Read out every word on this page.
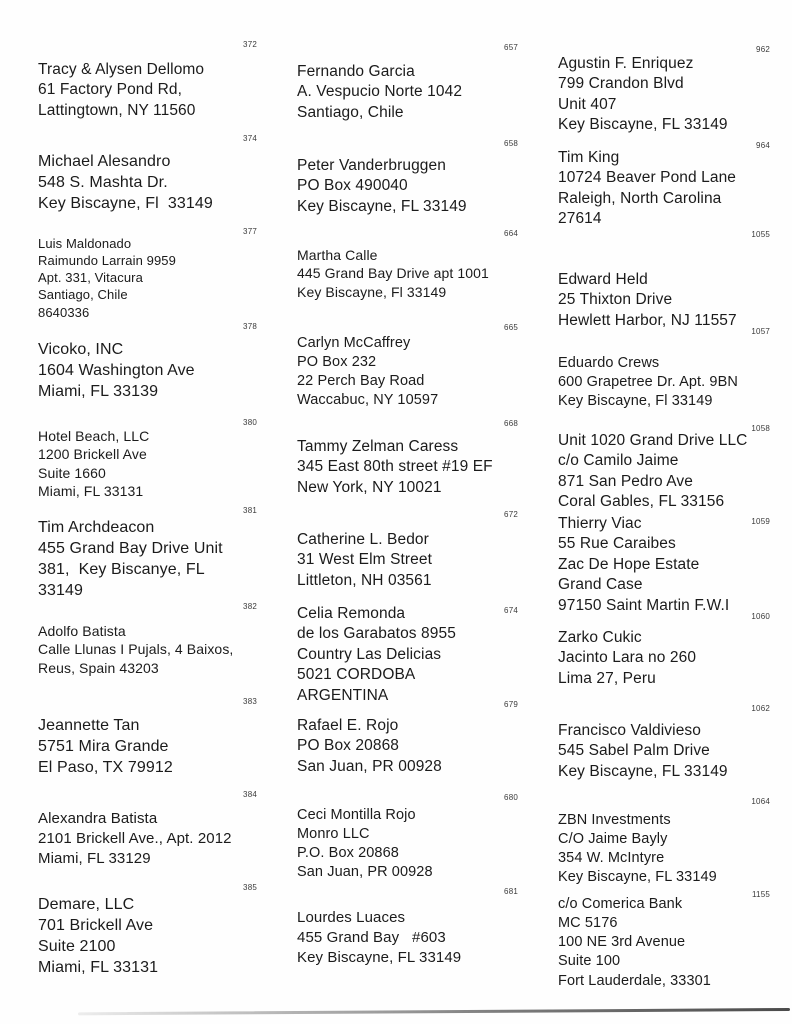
372
Tracy & Alysen Dellomo
61 Factory Pond Rd,
Lattingtown, NY 11560
374
Michael Alesandro
548 S. Mashta Dr.
Key Biscayne, Fl  33149
377
Luis Maldonado
Raimundo Larrain 9959
Apt. 331, Vitacura
Santiago, Chile
8640336
378
Vicoko, INC
1604 Washington Ave
Miami, FL 33139
380
Hotel Beach, LLC
1200 Brickell Ave
Suite 1660
Miami, FL 33131
381
Tim Archdeacon
455 Grand Bay Drive Unit
381,  Key Biscanye, FL
33149
382
Adolfo Batista
Calle Llunas I Pujals, 4 Baixos,
Reus, Spain 43203
383
Jeannette Tan
5751 Mira Grande
El Paso, TX 79912
384
Alexandra Batista
2101 Brickell Ave., Apt. 2012
Miami, FL 33129
385
Demare, LLC
701 Brickell Ave
Suite 2100
Miami, FL 33131
657
Fernando Garcia
A. Vespucio Norte 1042
Santiago, Chile
658
Peter Vanderbruggen
PO Box 490040
Key Biscayne, FL 33149
664
Martha Calle
445 Grand Bay Drive apt 1001
Key Biscayne, Fl 33149
665
Carlyn McCaffrey
PO Box 232
22 Perch Bay Road
Waccabuc, NY 10597
668
Tammy Zelman Caress
345 East 80th street #19 EF
New York, NY 10021
672
Catherine L. Bedor
31 West Elm Street
Littleton, NH 03561
674
Celia Remonda
de los Garabatos 8955
Country Las Delicias
5021 CORDOBA
ARGENTINA
679
Rafael E. Rojo
PO Box 20868
San Juan, PR 00928
680
Ceci Montilla Rojo
Monro LLC
P.O. Box 20868
San Juan, PR 00928
681
Lourdes Luaces
455 Grand Bay   #603
Key Biscayne, FL 33149
962
Agustin F. Enriquez
799 Crandon Blvd
Unit 407
Key Biscayne, FL 33149
964
Tim King
10724 Beaver Pond Lane
Raleigh, North Carolina
27614
1055
Edward Held
25 Thixton Drive
Hewlett Harbor, NJ 11557
1057
Eduardo Crews
600 Grapetree Dr. Apt. 9BN
Key Biscayne, Fl 33149
1058
Unit 1020 Grand Drive LLC
c/o Camilo Jaime
871 San Pedro Ave
Coral Gables, FL 33156
1059
Thierry Viac
55 Rue Caraibes
Zac De Hope Estate
Grand Case
97150 Saint Martin F.W.I
1060
Zarko Cukic
Jacinto Lara no 260
Lima 27, Peru
1062
Francisco Valdivieso
545 Sabel Palm Drive
Key Biscayne, FL 33149
1064
ZBN Investments
C/O Jaime Bayly
354 W. McIntyre
Key Biscayne, FL 33149
1155
c/o Comerica Bank
MC 5176
100 NE 3rd Avenue
Suite 100
Fort Lauderdale, 33301
